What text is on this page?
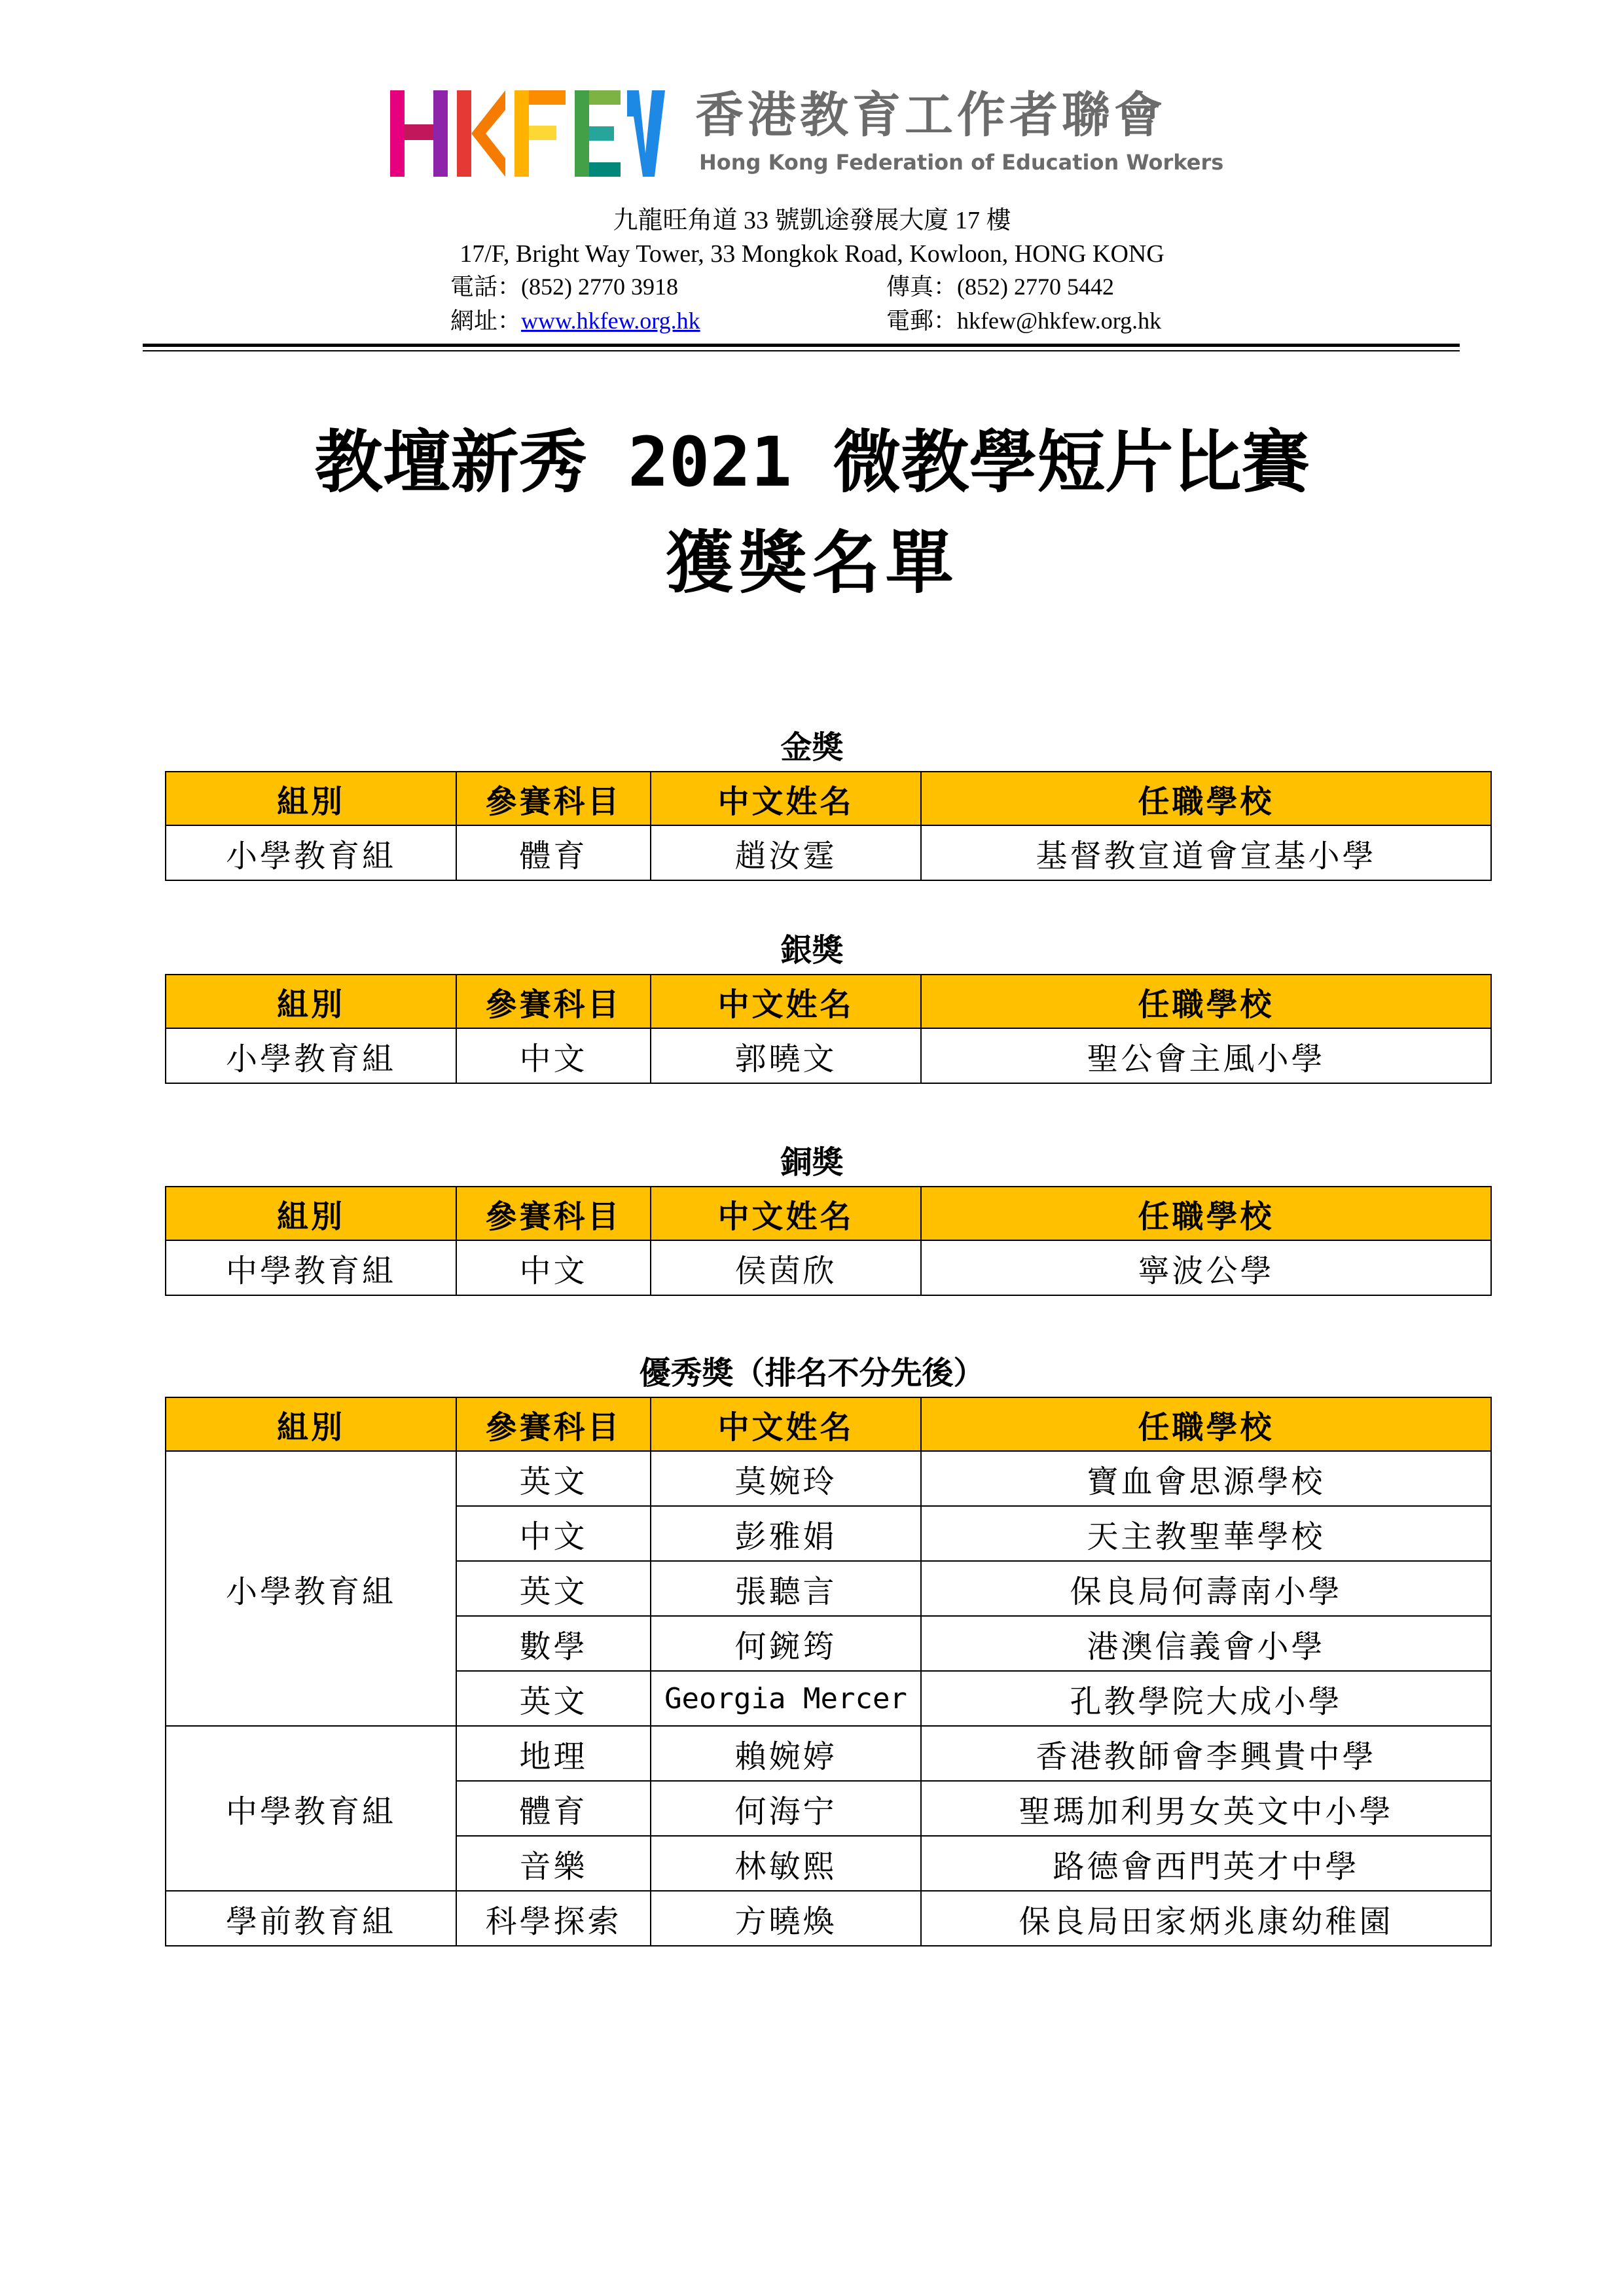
香港教育工作者聯會
Hong Kong Federation of Education Workers
九龍旺角道 33 號凱途發展大廈 17 樓
17/F, Bright Way Tower, 33 Mongkok Road, Kowloon, HONG KONG
電話：(852) 2770 3918	傳真：(852) 2770 5442
網址：www.hkfew.org.hk	電郵：hkfew@hkfew.org.hk
教壇新秀 2021 微教學短片比賽
獲獎名單
金獎
組別	參賽科目	中文姓名	任職學校
小學教育組	體育	趙汝霆	基督教宣道會宣基小學
銀獎
組別	參賽科目	中文姓名	任職學校
小學教育組	中文	郭曉文	聖公會主風小學
銅獎
組別	參賽科目	中文姓名	任職學校
中學教育組	中文	侯茵欣	寧波公學
優秀獎（排名不分先後）
組別	參賽科目	中文姓名	任職學校
小學教育組	英文	莫婉玲	寶血會思源學校
	中文	彭雅娟	天主教聖華學校
	英文	張聽言	保良局何壽南小學
	數學	何鋺筠	港澳信義會小學
	英文	Georgia Mercer	孔教學院大成小學
中學教育組	地理	賴婉婷	香港教師會李興貴中學
	體育	何海宁	聖瑪加利男女英文中小學
	音樂	林敏熙	路德會西門英才中學
學前教育組	科學探索	方曉煥	保良局田家炳兆康幼稚園
